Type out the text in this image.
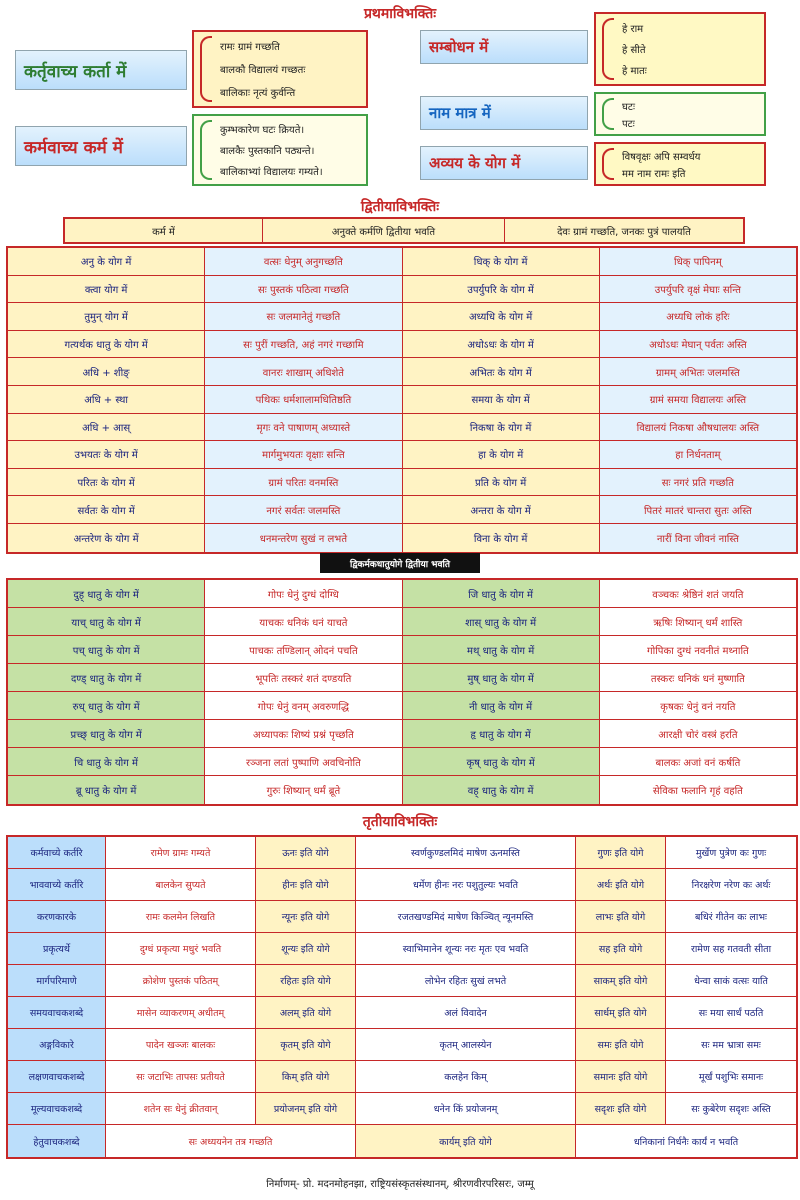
प्रथमाविभक्तिः
कर्तृवाच्य कर्ता में
रामः ग्रामं गच्छति
बालकौ विद्यालयं गच्छतः
बालिकाः नृत्यं कुर्वन्ति
कर्मवाच्य कर्म में
कुम्भकारेण घटः क्रियते।
बालकैः पुस्तकानि पठ्यन्ते।
बालिकाभ्यां विद्यालयः गम्यते।
सम्बोधन में
हे राम
हे सीते
हे मातः
नाम मात्र में	घटः
पटः
अव्यय के योग में	विषवृक्षः अपि सम्वर्धय
मम नाम रामः इति
द्वितीयाविभक्तिः
कर्म में	अनुक्ते कर्मणि द्वितीया भवति	देवः ग्रामं गच्छति, जनकः पुत्रं पालयति
अनु के योग में	वत्सः धेनुम् अनुगच्छति	धिक् के योग में	धिक् पापिनम्
क्त्वा योग में	सः पुस्तकं पठित्वा गच्छति	उपर्युपरि के योग में	उपर्युपरि वृक्षं मेघाः सन्ति
तुमुन् योग में	सः जलमानेतुं गच्छति	अध्यधि के योग में	अध्यधि लोकं हरिः
गत्यर्थक धातु के योग में	सः पुरीं गच्छति, अहं नगरं गच्छामि	अधोऽधः के योग में	अधोऽधः मेघान् पर्वतः अस्ति
अधि + शीङ्	वानरः शाखाम् अधिशेते	अभितः के योग में	ग्रामम् अभितः जलमस्ति
अधि + स्था	पथिकः धर्मशालामधितिष्ठति	समया के योग में	ग्रामं समया विद्यालयः अस्ति
अधि + आस्	मृगः वने पाषाणम् अध्यास्ते	निकषा के योग में	विद्यालयं निकषा औषधालयः अस्ति
उभयतः के योग में	मार्गमुभयतः वृक्षाः सन्ति	हा के योग में	हा निर्धनताम्
परितः के योग में	ग्रामं परितः वनमस्ति	प्रति के योग में	सः नगरं प्रति गच्छति
सर्वतः के योग में	नगरं सर्वतः जलमस्ति	अन्तरा के योग में	पितरं मातरं चान्तरा सुतः अस्ति
अन्तरेण के योग में	धनमन्तरेण सुखं न लभते	विना के योग में	नारीं विना जीवनं नास्ति
द्विकर्मकधातुयोगे द्वितीया भवति
दुह् धातु के योग में	गोपः धेनुं दुग्धं दोग्धि	जि धातु के योग में	वञ्चकः श्रेष्ठिनं शतं जयति
याच् धातु के योग में	याचकः धनिकं धनं याचते	शास् धातु के योग में	ऋषिः शिष्यान् धर्मं शास्ति
पच् धातु के योग में	पाचकः तण्डिलान् ओदनं पचति	मथ् धातु के योग में	गोपिका दुग्धं नवनीतं मथ्नाति
दण्ड् धातु के योग में	भूपतिः तस्करं शतं दण्डयति	मुष् धातु के योग में	तस्करः धनिकं धनं मुष्णाति
रुध् धातु के योग में	गोपः धेनुं वनम् अवरुणद्धि	नी धातु के योग में	कृषकः धेनुं वनं नयति
प्रच्छ् धातु के योग में	अध्यापकः शिष्यं प्रश्नं पृच्छति	हृ धातु के योग में	आरक्षी चोरं वस्त्रं हरति
चि धातु के योग में	रञ्जना लतां पुष्पाणि अवचिनोति	कृष् धातु के योग में	बालकः अजां वनं कर्षति
ब्रू धातु के योग में	गुरुः शिष्यान् धर्मं ब्रूते	वह् धातु के योग में	सेविका फलानि गृहं वहति
तृतीयाविभक्तिः
कर्मवाच्ये कर्तरि	रामेण ग्रामः गम्यते	ऊनः इति योगे	स्वर्णकुण्डलमिदं माषेण ऊनमस्ति	गुणः इति योगे	मुर्खेण पुत्रेण कः गुणः
भाववाच्ये कर्तरि	बालकेन सुप्यते	हीनः इति योगे	धर्मेण हीनः नरः पशुतुल्यः भवति	अर्थः इति योगे	निरक्षरेण नरेण कः अर्थः
करणकारके	रामः कलमेन लिखति	न्यूनः इति योगे	रजतखण्डमिदं माषेण किञ्चित् न्यूनमस्ति	लाभः इति योगे	बधिरं गीतेन कः लाभः
प्रकृत्यर्थे	दुग्धं प्रकृत्या मधुरं भवति	शून्यः इति योगे	स्वाभिमानेन शून्यः नरः मृतः एव भवति	सह इति योगे	रामेण सह गतवती सीता
मार्गपरिमाणे	क्रोशेण पुस्तकं पठितम्	रहितः इति योगे	लोभेन रहितः सुखं लभते	साकम् इति योगे	धेन्वा साकं वत्सः याति
समयवाचकशब्दे	मासेन व्याकरणम् अधीतम्	अलम् इति योगे	अलं विवादेन	सार्धम् इति योगे	सः मया सार्धं पठति
अङ्गविकारे	पादेन खञ्जः बालकः	कृतम् इति योगे	कृतम् आलस्येन	समः इति योगे	सः मम भ्रात्रा समः
लक्षणवाचकशब्दे	सः जटाभिः तापसः प्रतीयते	किम् इति योगे	कलहेन किम्	समानः इति योगे	मूर्खं पशुभिः समानः
मूल्यवाचकशब्दे	शतेन सः धेनुं क्रीतवान्	प्रयोजनम् इति योगे	धनेन किं प्रयोजनम्	सदृशः इति योगे	सः कुबेरेण सदृशः अस्ति
हेतुवाचकशब्दे	सः अध्ययनेन तत्र गच्छति	कार्यम् इति योगे	धनिकानां निर्धनैः कार्यं न भवति
निर्माणम्- प्रो. मदनमोहनझा, राष्ट्रियसंस्कृतसंस्थानम्, श्रीरणवीरपरिसरः, जम्मू
